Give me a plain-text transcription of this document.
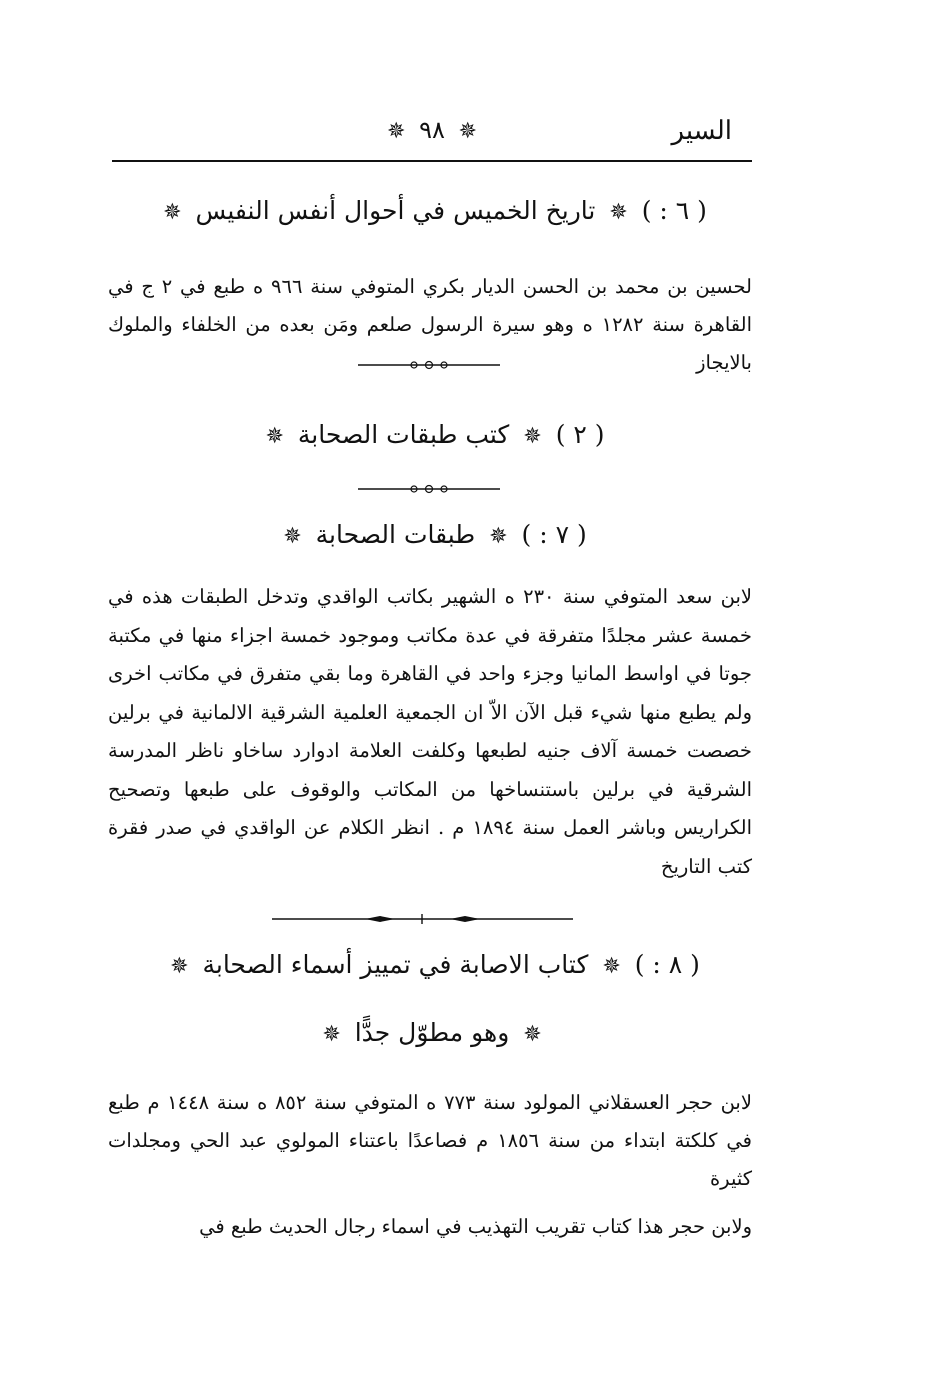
السير
✵ ٩٨ ✵
( ٦ : ) ✵ تاريخ الخميس في أحوال أنفس النفيس ✵

لحسين بن محمد بن الحسن الديار بكري المتوفي سنة ٩٦٦ ه طبع في ٢ ج في القاهرة سنة ١٢٨٢ ه وهو سيرة الرسول صلعم ومَن بعده من الخلفاء والملوك بالايجاز

( ٢ ) ✵ كتب طبقات الصحابة ✵
( ٧ : ) ✵ طبقات الصحابة ✵

لابن سعد المتوفي سنة ٢٣٠ ه الشهير بكاتب الواقدي وتدخل الطبقات هذه في خمسة عشر مجلدًا متفرقة في عدة مكاتب وموجود خمسة اجزاء منها في مكتبة جوتا في اواسط المانيا وجزء واحد في القاهرة وما بقي متفرق في مكاتب اخرى ولم يطبع منها شيء قبل الآن الاّ ان الجمعية العلمية الشرقية الالمانية في برلين خصصت خمسة آلاف جنيه لطبعها وكلفت العلامة ادوارد ساخاو ناظر المدرسة الشرقية في برلين باستنساخها من المكاتب والوقوف على طبعها وتصحيح الكراريس وباشر العمل سنة ١٨٩٤ م . انظر الكلام عن الواقدي في صدر فقرة كتب التاريخ

( ٨ : ) ✵ كتاب الاصابة في تمييز أسماء الصحابة ✵
✵ وهو مطوّل جدًّا ✵

لابن حجر العسقلاني المولود سنة ٧٧٣ ه المتوفي سنة ٨٥٢ ه سنة ١٤٤٨ م طبع في كلكتة ابتداء من سنة ١٨٥٦ م فصاعدًا باعتناء المولوي عبد الحي ومجلدات كثيرة

ولابن حجر هذا كتاب تقريب التهذيب في اسماء رجال الحديث طبع في
